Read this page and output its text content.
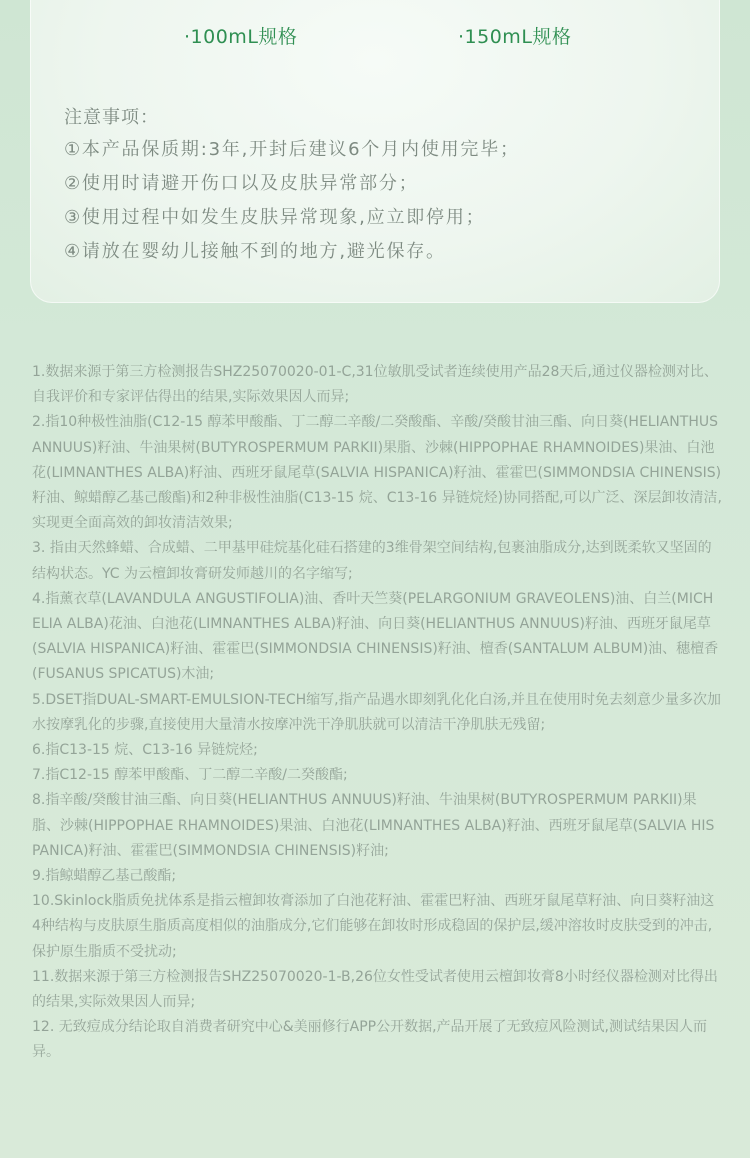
·100mL规格	·150mL规格
注意事项：
①本产品保质期:3年,开封后建议6个月内使用完毕；
②使用时请避开伤口以及皮肤异常部分；
③使用过程中如发生皮肤异常现象,应立即停用；
④请放在婴幼儿接触不到的地方,避光保存。

1.数据来源于第三方检测报告SHZ25070020-01-C,31位敏肌受试者连续使用产品28天后,通过仪器检测对比、自我评价和专家评估得出的结果,实际效果因人而异;

2.指10种极性油脂(C12-15 醇苯甲酸酯、丁二醇二辛酸/二癸酸酯、辛酸/癸酸甘油三酯、向日葵(HELIANTHUS ANNUUS)籽油、牛油果树(BUTYROSPERMUM PARKII)果脂、沙棘(HIPPOPHAE RHAMNOIDES)果油、白池花(LIMNANTHES ALBA)籽油、西班牙鼠尾草(SALVIA HISPANICA)籽油、霍霍巴(SIMMONDSIA CHINENSIS)籽油、鲸蜡醇乙基己酸酯)和2种非极性油脂(C13-15 烷、C13-16 异链烷烃)协同搭配,可以广泛、深层卸妆清洁,实现更全面高效的卸妆清洁效果;

3. 指由天然蜂蜡、合成蜡、二甲基甲硅烷基化硅石搭建的3维骨架空间结构,包裹油脂成分,达到既柔软又坚固的结构状态。YC 为云檀卸妆膏研发师越川的名字缩写;

4.指薰衣草(LAVANDULA ANGUSTIFOLIA)油、香叶天竺葵(PELARGONIUM GRAVEOLENS)油、白兰(MICHELIA ALBA)花油、白池花(LIMNANTHES ALBA)籽油、向日葵(HELIANTHUS ANNUUS)籽油、西班牙鼠尾草(SALVIA HISPANICA)籽油、霍霍巴(SIMMONDSIA CHINENSIS)籽油、檀香(SANTALUM ALBUM)油、穗檀香(FUSANUS SPICATUS)木油;

5.DSET指DUAL-SMART-EMULSION-TECH缩写,指产品遇水即刻乳化化白汤,并且在使用时免去刻意少量多次加水按摩乳化的步骤,直接使用大量清水按摩冲洗干净肌肤就可以清洁干净肌肤无残留;

6.指C13-15 烷、C13-16 异链烷烃;

7.指C12-15 醇苯甲酸酯、丁二醇二辛酸/二癸酸酯;

8.指辛酸/癸酸甘油三酯、向日葵(HELIANTHUS ANNUUS)籽油、牛油果树(BUTYROSPERMUM PARKII)果脂、沙棘(HIPPOPHAE RHAMNOIDES)果油、白池花(LIMNANTHES ALBA)籽油、西班牙鼠尾草(SALVIA HISPANICA)籽油、霍霍巴(SIMMONDSIA CHINENSIS)籽油;

9.指鲸蜡醇乙基己酸酯;

10.Skinlock脂质免扰体系是指云檀卸妆膏添加了白池花籽油、霍霍巴籽油、西班牙鼠尾草籽油、向日葵籽油这4种结构与皮肤原生脂质高度相似的油脂成分,它们能够在卸妆时形成稳固的保护层,缓冲溶妆时皮肤受到的冲击,保护原生脂质不受扰动;

11.数据来源于第三方检测报告SHZ25070020-1-B,26位女性受试者使用云檀卸妆膏8小时经仪器检测对比得出的结果,实际效果因人而异;

12. 无致痘成分结论取自消费者研究中心&美丽修行APP公开数据,产品开展了无致痘风险测试,测试结果因人而异。
